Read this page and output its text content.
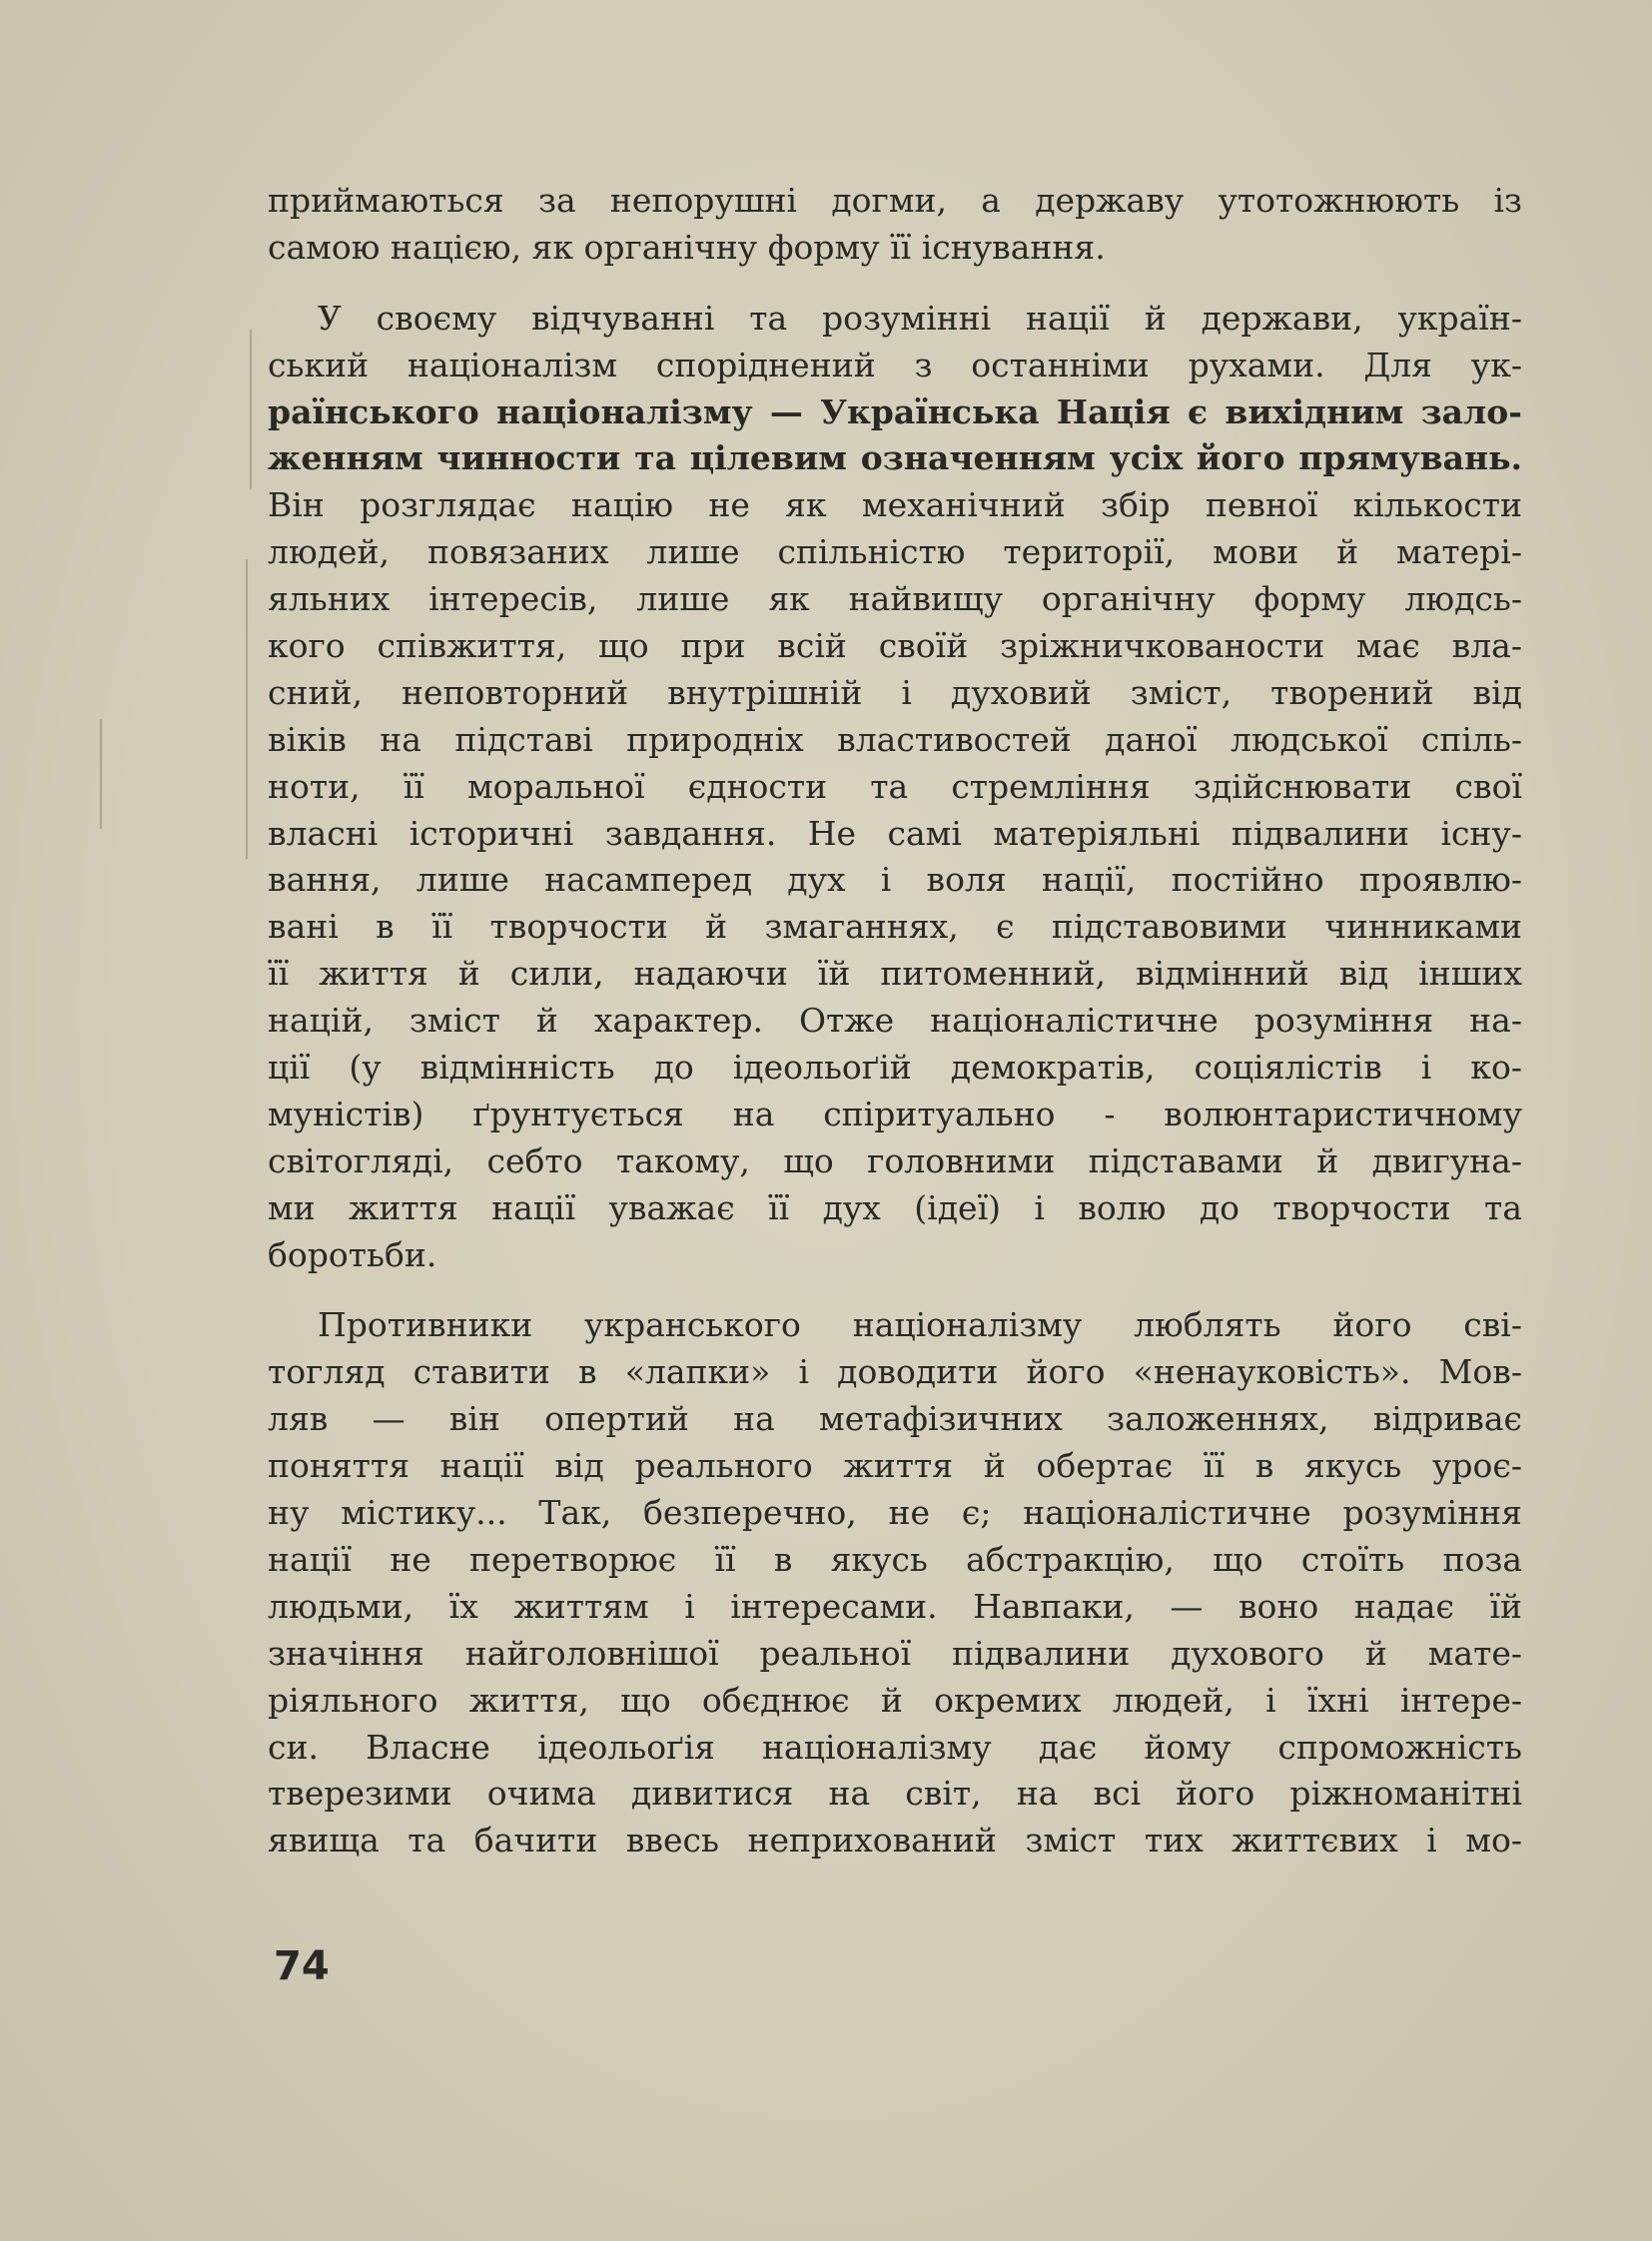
приймаються за непорушні догми, а державу утотожнюють із
самою нацією, як органічну форму її існування.
У своєму відчуванні та розумінні нації й держави, україн-
ський націоналізм споріднений з останніми рухами. Для ук-
раїнського націоналізму — Українська Нація є вихідним зало-
женням чинности та цілевим означенням усіх його прямувань.
Він розглядає націю не як механічний збір певної кількости
людей, повязаних лише спільністю території, мови й матері-
яльних інтересів, лише як найвищу органічну форму людсь-
кого співжиття, що при всій своїй зріжничкованости має вла-
сний, неповторний внутрішній і духовий зміст, творений від
віків на підставі природніх властивостей даної людської спіль-
ноти, її моральної єдности та стремління здійснювати свої
власні історичні завдання. Не самі матеріяльні підвалини існу-
вання, лише насамперед дух і воля нації, постійно проявлю-
вані в її творчости й змаганнях, є підставовими чинниками
її життя й сили, надаючи їй питоменний, відмінний від інших
націй, зміст й характер. Отже націоналістичне розуміння на-
ції (у відмінність до ідеольоґій демократів, соціялістів і ко-
муністів) ґрунтується на спіритуально - волюнтаристичному
світогляді, себто такому, що головними підставами й двигуна-
ми життя нації уважає її дух (ідеї) і волю до творчости та
боротьби.
Противники укранського націоналізму люблять його сві-
тогляд ставити в «лапки» і доводити його «ненауковість». Мов-
ляв — він опертий на метафізичних заложеннях, відриває
поняття нації від реального життя й обертає її в якусь уроє-
ну містику... Так, безперечно, не є; націоналістичне розуміння
нації не перетворює її в якусь абстракцію, що стоїть поза
людьми, їх життям і інтересами. Навпаки, — воно надає їй
значіння найголовнішої реальної підвалини духового й мате-
ріяльного життя, що обєднює й окремих людей, і їхні інтере-
си. Власне ідеольоґія націоналізму дає йому спроможність
тверезими очима дивитися на світ, на всі його ріжноманітні
явища та бачити ввесь неприхований зміст тих життєвих і мо-
74
